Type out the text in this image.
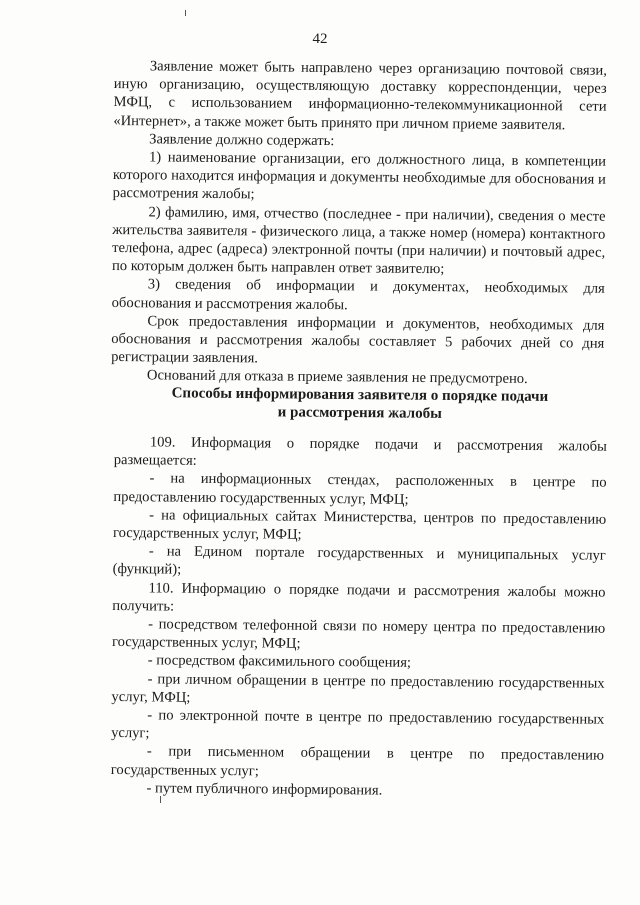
42

Заявление может быть направлено через организацию почтовой связи, иную организацию, осуществляющую доставку корреспонденции, через МФЦ, с использованием информационно-телекоммуникационной сети «Интернет», а также может быть принято при личном приеме заявителя.

Заявление должно содержать:

1) наименование организации, его должностного лица, в компетенции которого находится информация и документы необходимые для обоснования и рассмотрения жалобы;

2) фамилию, имя, отчество (последнее - при наличии), сведения о месте жительства заявителя - физического лица, а также номер (номера) контактного телефона, адрес (адреса) электронной почты (при наличии) и почтовый адрес, по которым должен быть направлен ответ заявителю;

3) сведения об информации и документах, необходимых для обоснования и рассмотрения жалобы.

Срок предоставления информации и документов, необходимых для обоснования и рассмотрения жалобы составляет 5 рабочих дней со дня регистрации заявления.

Оснований для отказа в приеме заявления не предусмотрено.

Способы информирования заявителя о порядке подачи
и рассмотрения жалобы

109. Информация о порядке подачи и рассмотрения жалобы размещается:

- на информационных стендах, расположенных в центре по предоставлению государственных услуг, МФЦ;

- на официальных сайтах Министерства, центров по предоставлению государственных услуг, МФЦ;

- на Едином портале государственных и муниципальных услуг (функций);

110. Информацию о порядке подачи и рассмотрения жалобы можно получить:

- посредством телефонной связи по номеру центра по предоставлению государственных услуг, МФЦ;

- посредством факсимильного сообщения;

- при личном обращении в центре по предоставлению государственных услуг, МФЦ;

- по электронной почте в центре по предоставлению государственных услуг;

- при письменном обращении в центре по предоставлению государственных услуг;

- путем публичного информирования.
